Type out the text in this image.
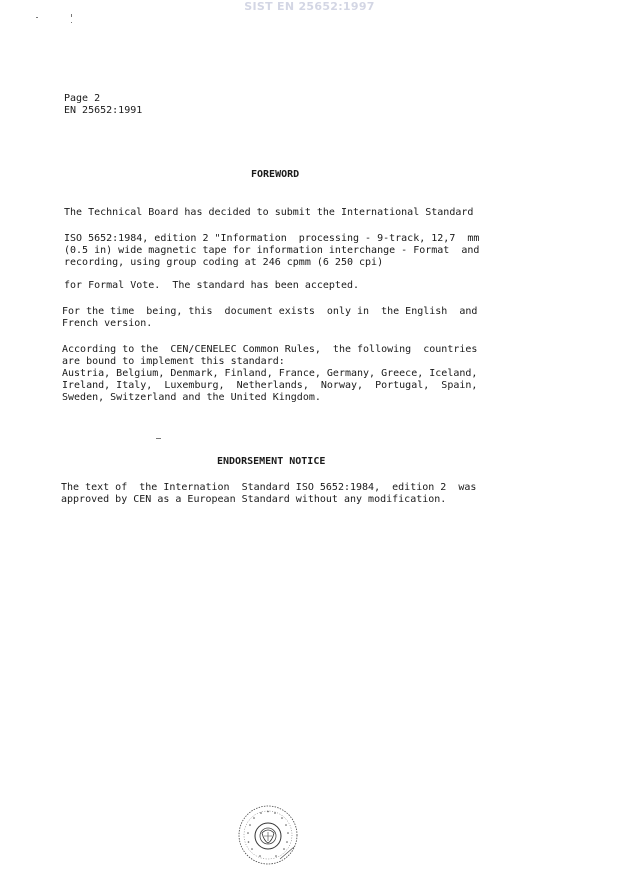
SIST EN 25652:1997
Page 2
EN 25652:1991
FOREWORD
The Technical Board has decided to submit the International Standard
ISO 5652:1984, edition 2 "Information  processing - 9-track, 12,7  mm
(0.5 in) wide magnetic tape for information interchange - Format  and
recording, using group coding at 246 cpmm (6 250 cpi)
for Formal Vote.  The standard has been accepted.
For the time  being, this  document exists  only in  the English  and
French version.
According to the  CEN/CENELEC Common Rules,  the following  countries
are bound to implement this standard:
Austria, Belgium, Denmark, Finland, France, Germany, Greece, Iceland,
Ireland, Italy,  Luxemburg,  Netherlands,  Norway,  Portugal,  Spain,
Sweden, Switzerland and the United Kingdom.
ENDORSEMENT NOTICE
The text of  the Internation  Standard ISO 5652:1984,  edition 2  was
approved by CEN as a European Standard without any modification.
